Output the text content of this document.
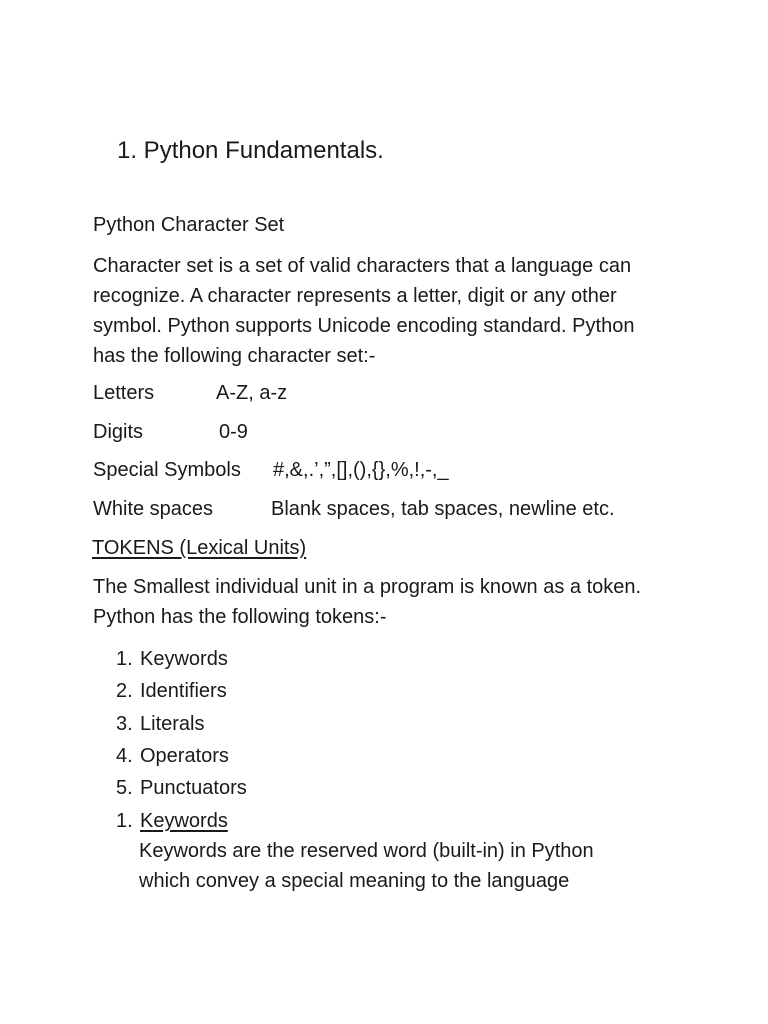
1. Python Fundamentals.
Python Character Set
Character set is a set of valid characters that a language can
recognize. A character represents a letter, digit or any other
symbol. Python supports Unicode encoding standard. Python
has the following character set:-
Letters	A-Z, a-z
Digits	0-9
Special Symbols #,&,.’,”,[],(),{},%,!,-,_
White spaces	Blank spaces, tab spaces, newline etc.
TOKENS (Lexical Units)
The Smallest individual unit in a program is known as a token.
Python has the following tokens:-
1. Keywords
2. Identifiers
3. Literals
4. Operators
5. Punctuators
1. Keywords
Keywords are the reserved word (built-in) in Python
which convey a special meaning to the language
